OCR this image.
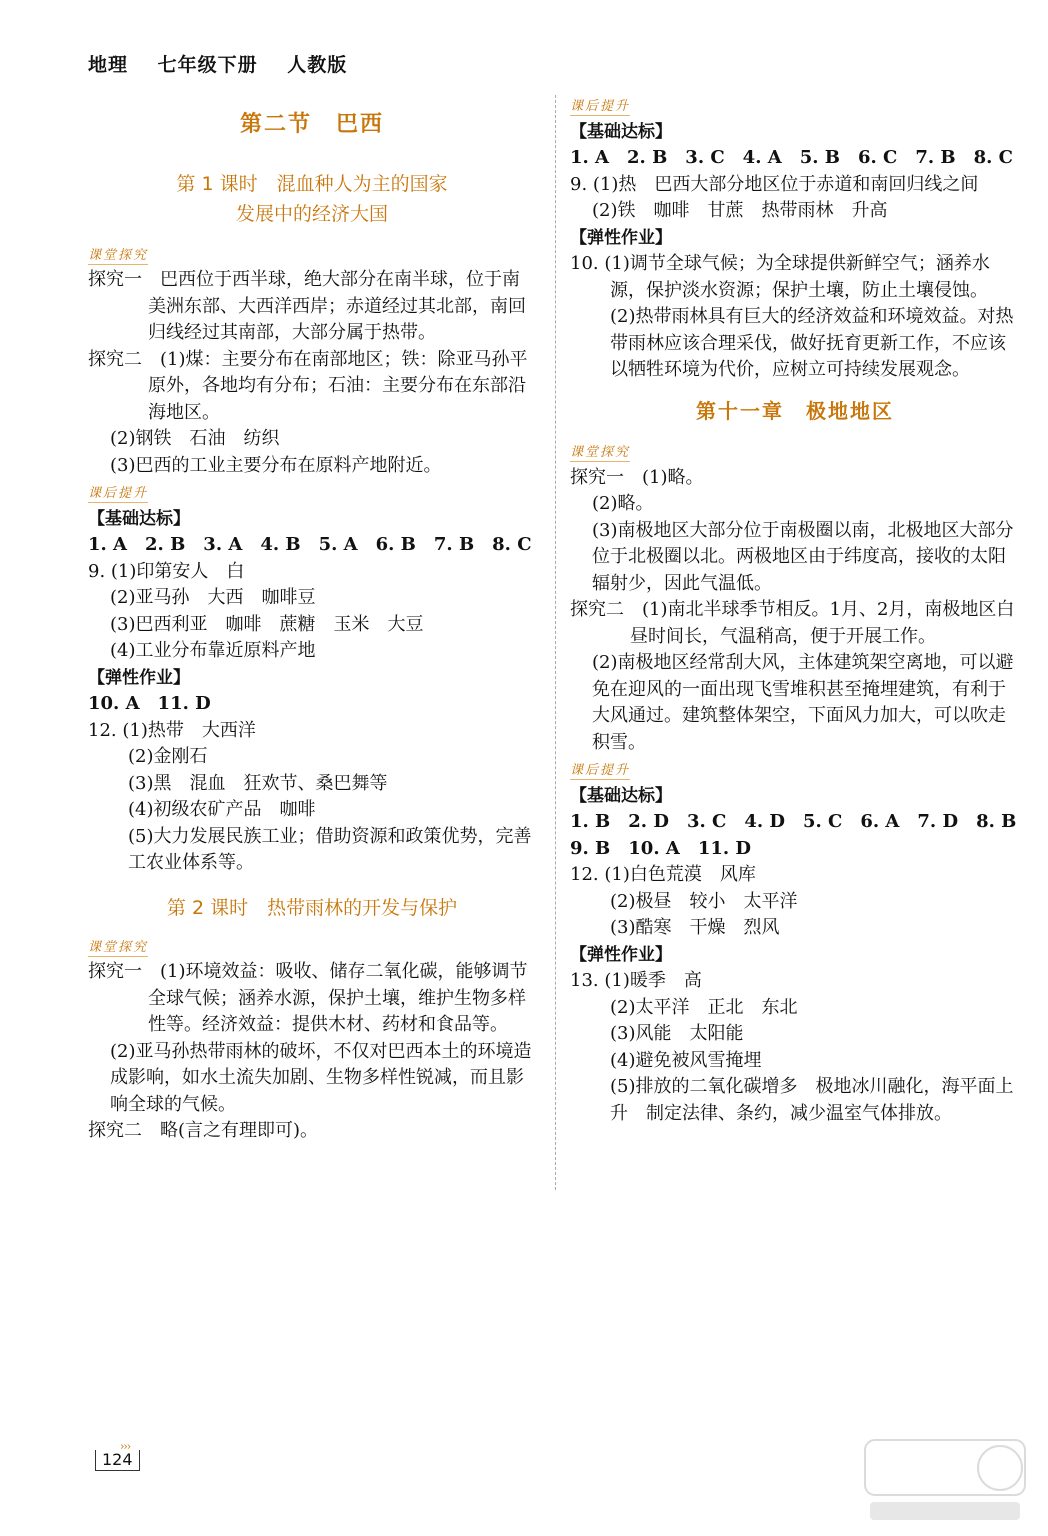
地理 七年级下册 人教版
第二节　巴西
第 1 课时　混血种人为主的国家
发展中的经济大国
课堂探究
探究一　巴西位于西半球，绝大部分在南半球，位于南美洲东部、大西洋西岸；赤道经过其北部，南回归线经过其南部，大部分属于热带。
探究二　(1)煤：主要分布在南部地区；铁：除亚马孙平原外，各地均有分布；石油：主要分布在东部沿海地区。
(2)钢铁　石油　纺织
(3)巴西的工业主要分布在原料产地附近。
课后提升
【基础达标】
1. A　2. B　3. A　4. B　5. A　6. B　7. B　8. C
9. (1)印第安人　白
(2)亚马孙　大西　咖啡豆
(3)巴西利亚　咖啡　蔗糖　玉米　大豆
(4)工业分布靠近原料产地
【弹性作业】
10. A　11. D
12. (1)热带　大西洋
(2)金刚石
(3)黑　混血　狂欢节、桑巴舞等
(4)初级农矿产品　咖啡
(5)大力发展民族工业；借助资源和政策优势，完善工农业体系等。
第 2 课时　热带雨林的开发与保护
课堂探究
探究一　(1)环境效益：吸收、储存二氧化碳，能够调节全球气候；涵养水源，保护土壤，维护生物多样性等。经济效益：提供木材、药材和食品等。
(2)亚马孙热带雨林的破坏，不仅对巴西本土的环境造成影响，如水土流失加剧、生物多样性锐减，而且影响全球的气候。
探究二　略(言之有理即可)。
课后提升
【基础达标】
1. A　2. B　3. C　4. A　5. B　6. C　7. B　8. C
9. (1)热　巴西大部分地区位于赤道和南回归线之间
(2)铁　咖啡　甘蔗　热带雨林　升高
【弹性作业】
10. (1)调节全球气候；为全球提供新鲜空气；涵养水源，保护淡水资源；保护土壤，防止土壤侵蚀。
(2)热带雨林具有巨大的经济效益和环境效益。对热带雨林应该合理采伐，做好抚育更新工作，不应该以牺牲环境为代价，应树立可持续发展观念。
第十一章　极地地区
课堂探究
探究一　(1)略。
(2)略。
(3)南极地区大部分位于南极圈以南，北极地区大部分位于北极圈以北。两极地区由于纬度高，接收的太阳辐射少，因此气温低。
探究二　(1)南北半球季节相反。1月、2月，南极地区白昼时间长，气温稍高，便于开展工作。
(2)南极地区经常刮大风，主体建筑架空离地，可以避免在迎风的一面出现飞雪堆积甚至掩埋建筑，有利于大风通过。建筑整体架空，下面风力加大，可以吹走积雪。
课后提升
【基础达标】
1. B　2. D　3. C　4. D　5. C　6. A　7. D　8. B
9. B　10. A　11. D
12. (1)白色荒漠　风库
(2)极昼　较小　太平洋
(3)酷寒　干燥　烈风
【弹性作业】
13. (1)暖季　高
(2)太平洋　正北　东北
(3)风能　太阳能
(4)避免被风雪掩埋
(5)排放的二氧化碳增多　极地冰川融化，海平面上升　制定法律、条约，减少温室气体排放。
›››
124
